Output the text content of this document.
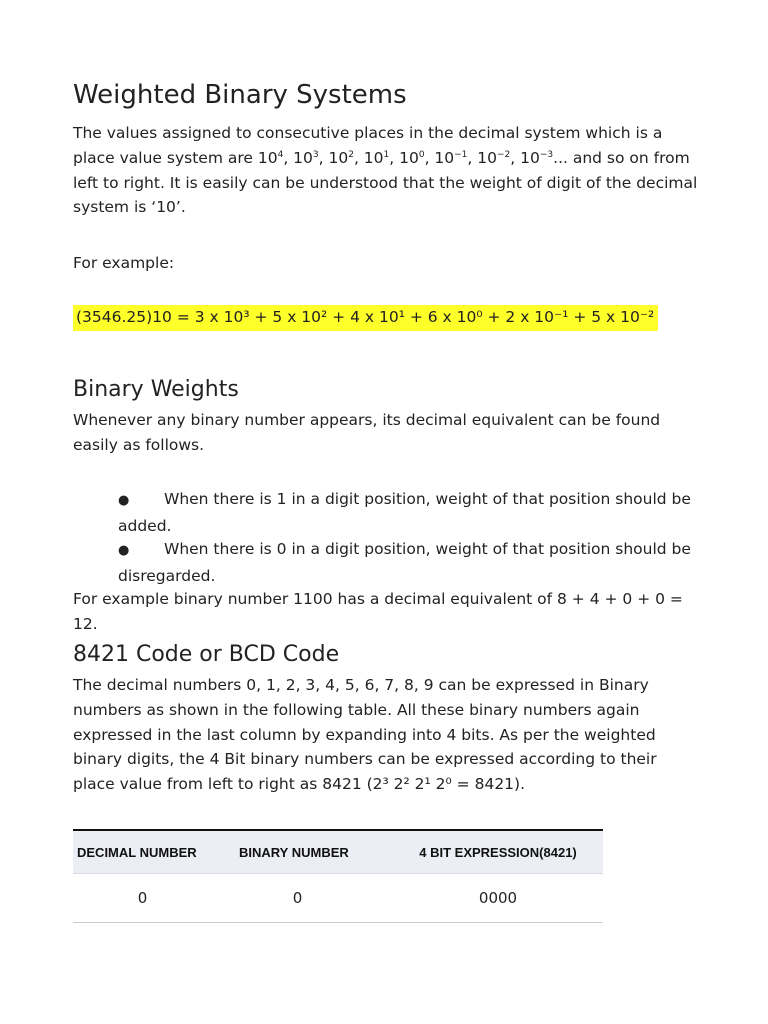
Weighted Binary Systems

The values assigned to consecutive places in the decimal system which is a place value system are $10^4$, $10^3$, $10^2$, $10^1$, $10^0$, $10^{-1}$, $10^{-2}$, $10^{-3}$... and so on from left to right. It is easily can be understood that the weight of digit of the decimal system is ‘10’.

For example:

(3546.25)10 = 3 x 10³ + 5 x 10² + 4 x 10¹ + 6 x 10⁰ + 2 x 10⁻¹ + 5 x 10⁻²
Binary Weights

Whenever any binary number appears, its decimal equivalent can be found easily as follows.

● When there is 1 in a digit position, weight of that position should be added.
● When there is 0 in a digit position, weight of that position should be disregarded.

For example binary number 1100 has a decimal equivalent of 8 + 4 + 0 + 0 = 12.

8421 Code or BCD Code

The decimal numbers 0, 1, 2, 3, 4, 5, 6, 7, 8, 9 can be expressed in Binary numbers as shown in the following table. All these binary numbers again expressed in the last column by expanding into 4 bits. As per the weighted binary digits, the 4 Bit binary numbers can be expressed according to their place value from left to right as 8421 (2³ 2² 2¹ 2⁰ = 8421).

DECIMAL NUMBER	BINARY NUMBER	4 BIT EXPRESSION(8421)
0	0	0000
